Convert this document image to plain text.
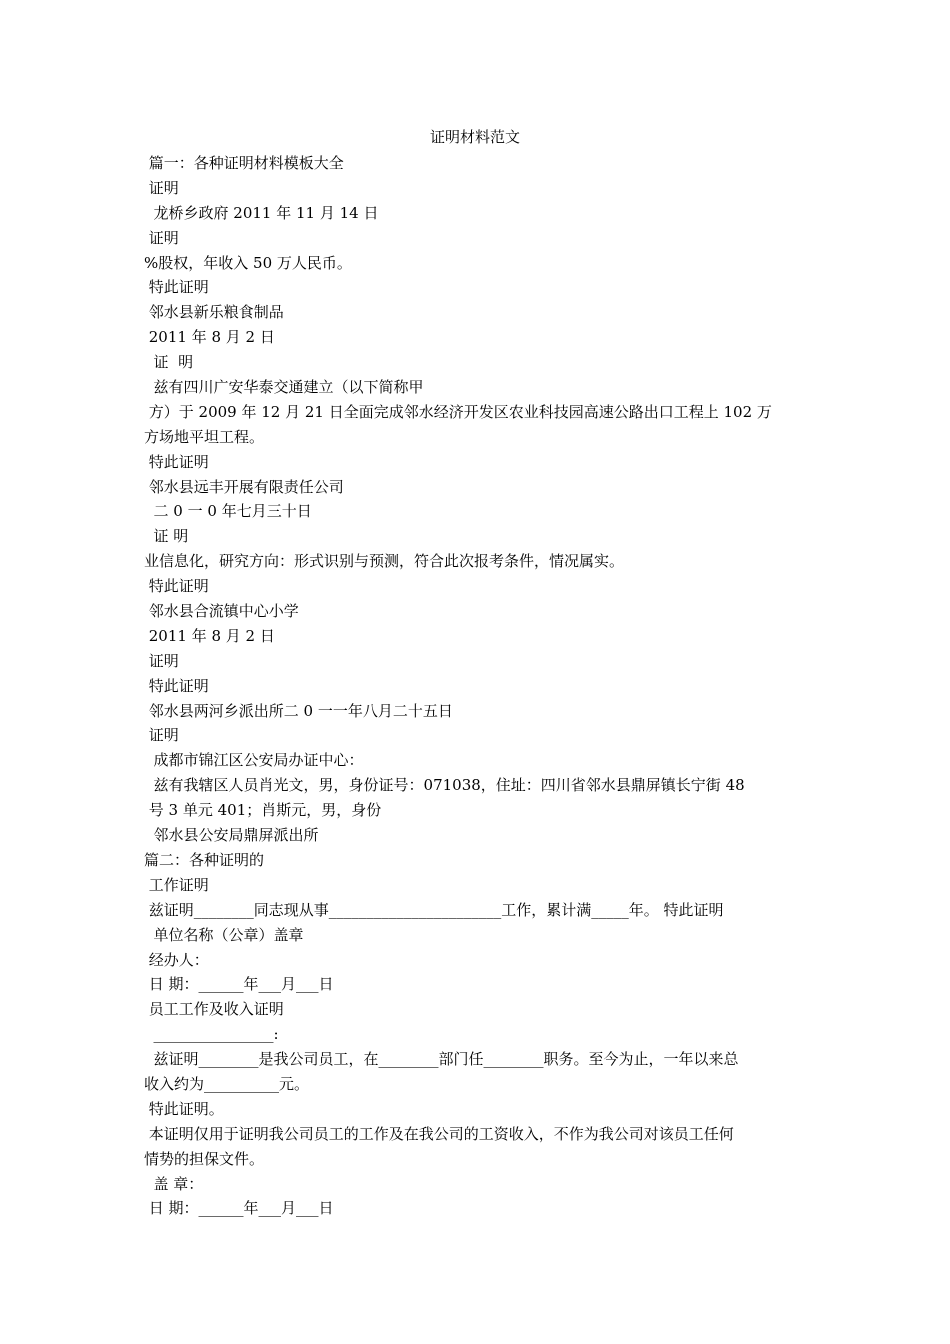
证明材料范文
篇一：各种证明材料模板大全
证明
龙桥乡政府 2011 年 11 月 14 日
证明
%股权，年收入 50 万人民币。
特此证明
邻水县新乐粮食制品
2011 年 8 月 2 日
证  明
兹有四川广安华泰交通建立（以下简称甲
方）于 2009 年 12 月 21 日全面完成邻水经济开发区农业科技园高速公路出口工程上 102 万
方场地平坦工程。
特此证明
邻水县远丰开展有限责任公司
二 0 一 0 年七月三十日
证 明
业信息化，研究方向：形式识别与预测，符合此次报考条件，情况属实。
特此证明
邻水县合流镇中心小学
2011 年 8 月 2 日
证明
特此证明
邻水县两河乡派出所二 0 一一年八月二十五日
证明
成都市锦江区公安局办证中心：
兹有我辖区人员肖光文，男，身份证号：071038，住址：四川省邻水县鼎屏镇长宁街 48
号 3 单元 401；肖斯元，男，身份
邻水县公安局鼎屏派出所
篇二：各种证明的
工作证明
兹证明________同志现从事_______________________工作，累计满_____年。 特此证明
单位名称（公章）盖章
经办人：
日 期：______年___月___日
员工工作及收入证明
________________:
兹证明________是我公司员工，在________部门任________职务。至今为止，一年以来总
收入约为__________元。
特此证明。
本证明仅用于证明我公司员工的工作及在我公司的工资收入，不作为我公司对该员工任何
情势的担保文件。
盖 章：
日 期：______年___月___日
